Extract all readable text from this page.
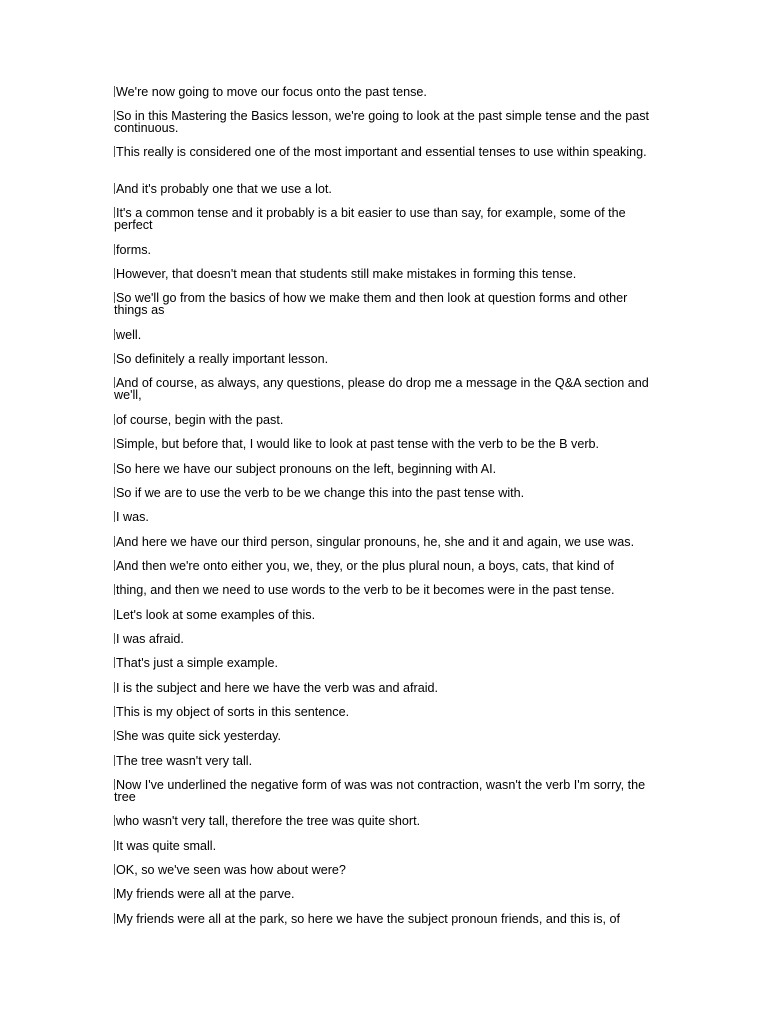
We're now going to move our focus onto the past tense.
So in this Mastering the Basics lesson, we're going to look at the past simple tense and the past continuous.
This really is considered one of the most important and essential tenses to use within speaking.
And it's probably one that we use a lot.
It's a common tense and it probably is a bit easier to use than say, for example, some of the perfect
forms.
However, that doesn't mean that students still make mistakes in forming this tense.
So we'll go from the basics of how we make them and then look at question forms and other things as
well.
So definitely a really important lesson.
And of course, as always, any questions, please do drop me a message in the Q&A section and we'll,
of course, begin with the past.
Simple, but before that, I would like to look at past tense with the verb to be the B verb.
So here we have our subject pronouns on the left, beginning with AI.
So if we are to use the verb to be we change this into the past tense with.
I was.
And here we have our third person, singular pronouns, he, she and it and again, we use was.
And then we're onto either you, we, they, or the plus plural noun, a boys, cats, that kind of
thing, and then we need to use words to the verb to be it becomes were in the past tense.
Let's look at some examples of this.
I was afraid.
That's just a simple example.
I is the subject and here we have the verb was and afraid.
This is my object of sorts in this sentence.
She was quite sick yesterday.
The tree wasn't very tall.
Now I've underlined the negative form of was was not contraction, wasn't the verb I'm sorry, the tree
who wasn't very tall, therefore the tree was quite short.
It was quite small.
OK, so we've seen was how about were?
My friends were all at the parve.
My friends were all at the park, so here we have the subject pronoun friends, and this is, of
